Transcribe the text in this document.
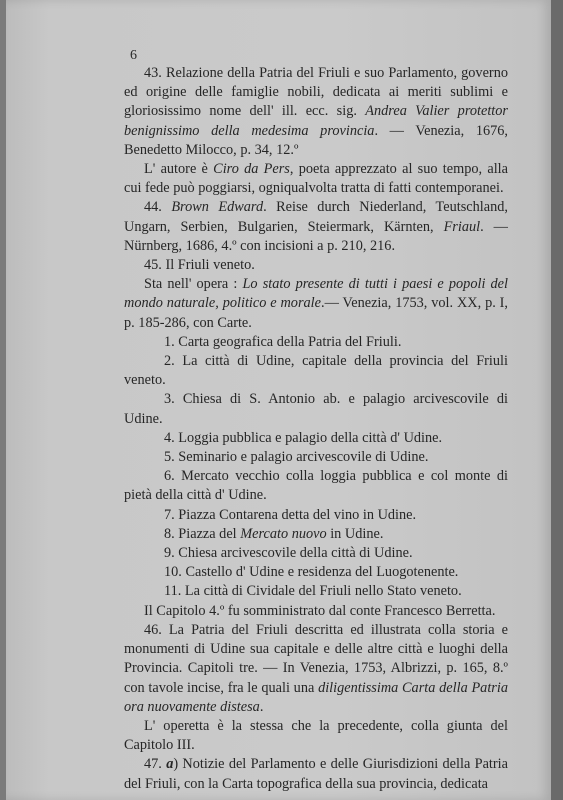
6

43. Relazione della Patria del Friuli e suo Parlamento, governo ed origine delle famiglie nobili, dedicata ai meriti sublimi e gloriosissimo nome dell' ill. ecc. sig. Andrea Valier protettor benignissimo della medesima provincia. — Venezia, 1676, Benedetto Milocco, p. 34, 12.º

L' autore è Ciro da Pers, poeta apprezzato al suo tempo, alla cui fede può poggiarsi, ogniqualvolta tratta di fatti contemporanei.

44. Brown Edward. Reise durch Niederland, Teutschland, Ungarn, Serbien, Bulgarien, Steiermark, Kärnten, Friaul. — Nürnberg, 1686, 4.º con incisioni a p. 210, 216.

45. Il Friuli veneto.

Sta nell' opera : Lo stato presente di tutti i paesi e popoli del mondo naturale, politico e morale.— Venezia, 1753, vol. XX, p. I, p. 185-286, con Carte.

1. Carta geografica della Patria del Friuli.

2. La città di Udine, capitale della provincia del Friuli veneto.

3. Chiesa di S. Antonio ab. e palagio arcivescovile di Udine.

4. Loggia pubblica e palagio della città d' Udine.

5. Seminario e palagio arcivescovile di Udine.

6. Mercato vecchio colla loggia pubblica e col monte di pietà della città d' Udine.

7. Piazza Contarena detta del vino in Udine.

8. Piazza del Mercato nuovo in Udine.

9. Chiesa arcivescovile della città di Udine.

10. Castello d' Udine e residenza del Luogotenente.

11. La città di Cividale del Friuli nello Stato veneto.

Il Capitolo 4.º fu somministrato dal conte Francesco Berretta.

46. La Patria del Friuli descritta ed illustrata colla storia e monumenti di Udine sua capitale e delle altre città e luoghi della Provincia. Capitoli tre. — In Venezia, 1753, Albrizzi, p. 165, 8.º con tavole incise, fra le quali una diligentissima Carta della Patria ora nuovamente distesa.

L' operetta è la stessa che la precedente, colla giunta del Capitolo III.

47. a) Notizie del Parlamento e delle Giurisdizioni della Patria del Friuli, con la Carta topografica della sua provincia, dedicata
